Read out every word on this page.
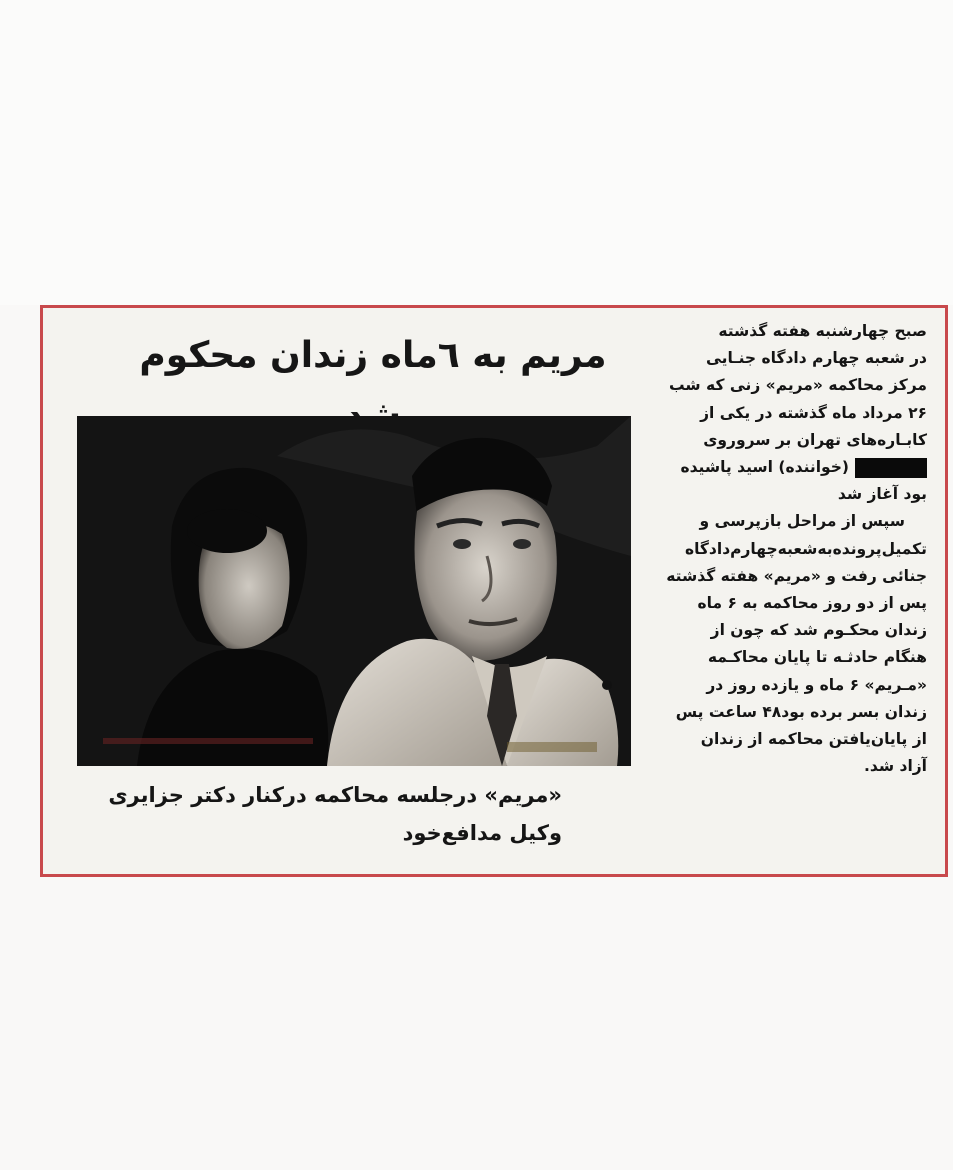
مریم به ٦ماه زندان محکوم
«مریم» درجلسه محاکمه درکنار دکتر جزایری
وکیل مدافع‌خود
صبح چهارشنبه هفته گذشته
در شعبه چهارم دادگاه جنـایی
مرکز محاکمه «مریم» زنی که شب
۲۶ مرداد ماه گذشته در یکی از
کابـاره‌های تهران بر سروروی
(خواننده) اسید پاشیده
بود آغاز شد
سپس از مراحل بازپرسی و
تکمیل‌پرونده‌به‌شعبه‌چهارم‌دادگاه
جنائی رفت و «مریم» هفته گذشته
پس از دو روز محاکمه به ۶ ماه
زندان محکـوم شد که چون از
هنگام حادثـه تا پایان محاکـمه
«مـریم» ۶ ماه و یازده روز در
زندان بسر برده بود۴۸ ساعت پس
از پایان‌یافتن محاکمه از زندان
آزاد شد.
